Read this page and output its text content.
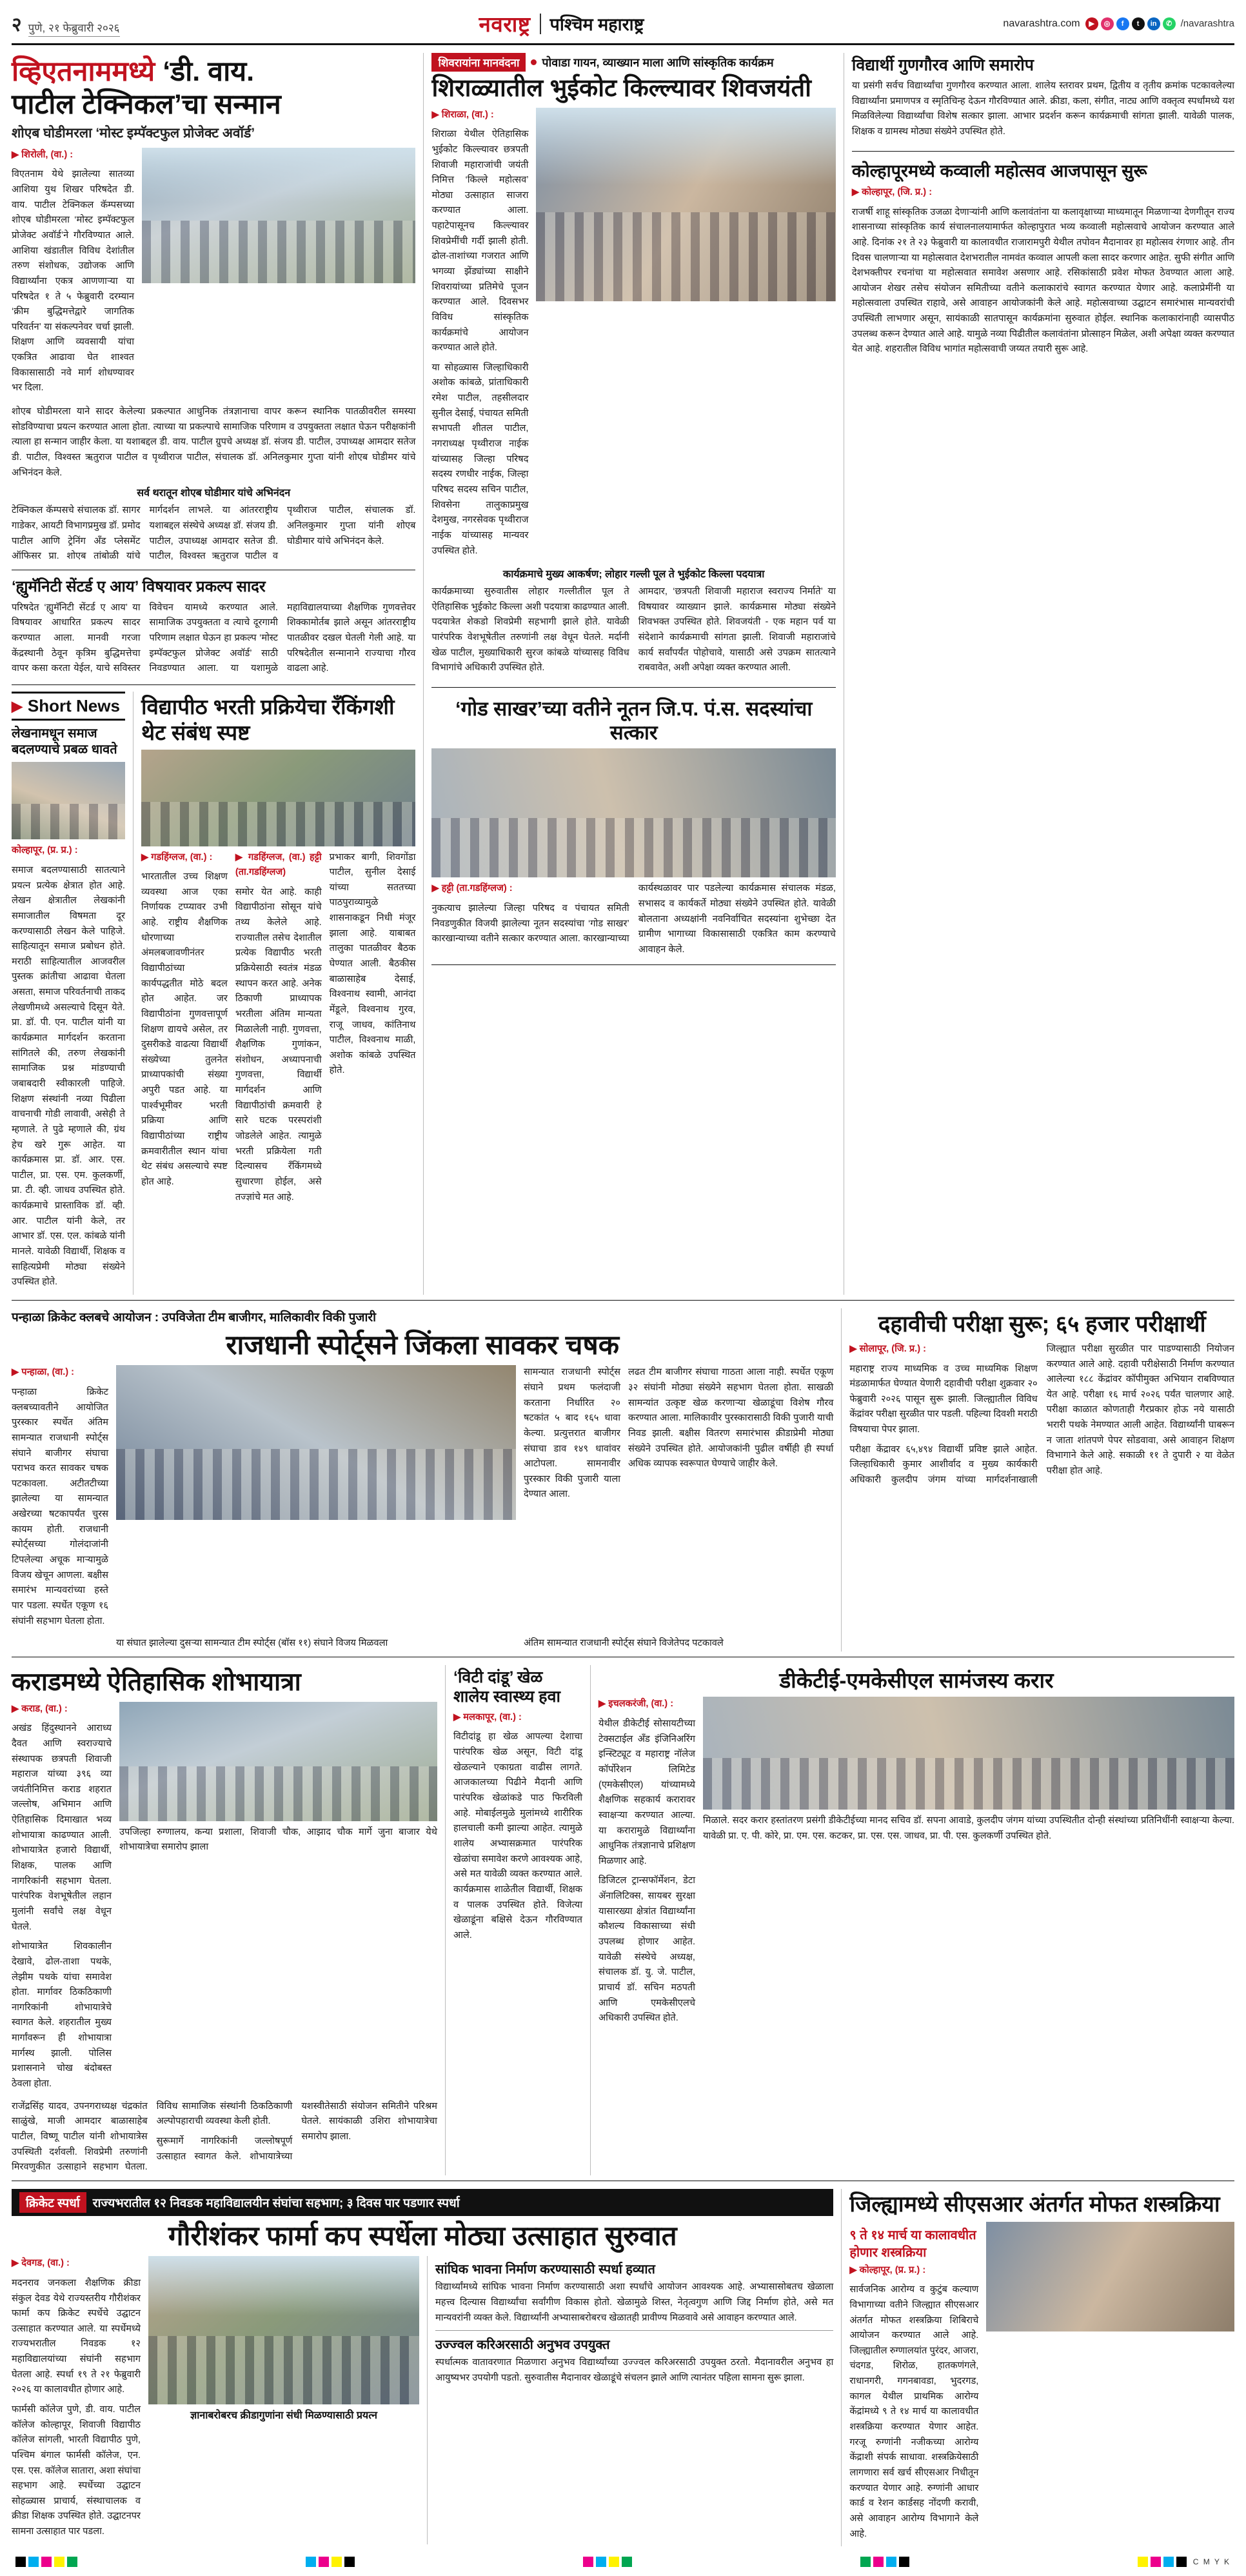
२ पुणे, २१ फेब्रुवारी २०२६	नवराष्ट्र पश्चिम महाराष्ट्र	navarashtra.com	▶	◎	f	t	in	✆ /navarashtra
व्हिएतनाममध्ये ‘डी. वाय.
पाटील टेक्निकल’चा सन्मान
शोएब घोडीमरला ‘मोस्ट इम्पॅक्टफुल प्रोजेक्ट अवॉर्ड’

▶ शिरोली, (वा.) :

विएतनाम येथे झालेल्या सातव्या आशिया युथ शिखर परिषदेत डी. वाय. पाटील टेक्निकल कॅम्पसच्या शोएब घोडीमरला ‘मोस्ट इम्पॅक्टफुल प्रोजेक्ट अवॉर्ड’ने गौरविण्यात आले. आशिया खंडातील विविध देशांतील तरुण संशोधक, उद्योजक आणि विद्यार्थ्यांना एकत्र आणणाऱ्या या परिषदेत १ ते ५ फेब्रुवारी दरम्यान ‘क्रीम बुद्धिमत्तेद्वारे जागतिक परिवर्तन’ या संकल्पनेवर चर्चा झाली. शिक्षण आणि व्यवसायी यांचा एकत्रित आढावा घेत शाश्वत विकासासाठी नवे मार्ग शोधण्यावर भर दिला.

शोएब घोडीमरला याने सादर केलेल्या प्रकल्पात आधुनिक तंत्रज्ञानाचा वापर करून स्थानिक पातळीवरील समस्या सोडविण्याचा प्रयत्न करण्यात आला होता. त्याच्या या प्रकल्पाचे सामाजिक परिणाम व उपयुक्तता लक्षात घेऊन परीक्षकांनी त्याला हा सन्मान जाहीर केला. या यशाबद्दल डी. वाय. पाटील ग्रुपचे अध्यक्ष डॉ. संजय डी. पाटील, उपाध्यक्ष आमदार सतेज डी. पाटील, विश्वस्त ऋतुराज पाटील व पृथ्वीराज पाटील, संचालक डॉ. अनिलकुमार गुप्ता यांनी शोएब घोडीमर यांचे अभिनंदन केले.

सर्व थरातून शोएब घोडीमार यांचे अभिनंदन

टेक्निकल कॅम्पसचे संचालक डॉ. सागर गाडेकर, आयटी विभागप्रमुख डॉ. प्रमोद पाटील आणि ट्रेनिंग अँड प्लेसमेंट ऑफिसर प्रा. शोएब तांबोळी यांचे मार्गदर्शन लाभले. या आंतरराष्ट्रीय यशाबद्दल संस्थेचे अध्यक्ष डॉ. संजय डी. पाटील, उपाध्यक्ष आमदार सतेज डी. पाटील, विश्वस्त ऋतुराज पाटील व पृथ्वीराज पाटील, संचालक डॉ. अनिलकुमार गुप्ता यांनी शोएब घोडीमार यांचे अभिनंदन केले.

‘ह्युमॅनिटी सेंटर्ड ए आय’ विषयावर प्रकल्प सादर

परिषदेत ‘ह्युमॅनिटी सेंटर्ड ए आय’ या विषयावर आधारित प्रकल्प सादर करण्यात आला. मानवी गरजा केंद्रस्थानी ठेवून कृत्रिम बुद्धिमत्तेचा वापर कसा करता येईल, याचे सविस्तर विवेचन यामध्ये करण्यात आले. सामाजिक उपयुक्तता व त्याचे दूरगामी परिणाम लक्षात घेऊन हा प्रकल्प ‘मोस्ट इम्पॅक्टफुल प्रोजेक्ट अवॉर्ड’ साठी निवडण्यात आला. या यशामुळे महाविद्यालयाच्या शैक्षणिक गुणवत्तेवर शिक्कामोर्तब झाले असून आंतरराष्ट्रीय पातळीवर दखल घेतली गेली आहे. या परिषदेतील सन्मानाने राज्याचा गौरव वाढला आहे.

▶ Short News
लेखनामधून समाज बदलण्याचे प्रबळ धावते

कोल्हापूर, (प्र. प्र.) :

समाज बदलण्यासाठी सातत्याने प्रयत्न प्रत्येक क्षेत्रात होत आहे. लेखन क्षेत्रातील लेखकांनी समाजातील विषमता दूर करण्यासाठी लेखन केले पाहिजे. साहित्यातून समाज प्रबोधन होते. मराठी साहित्यातील आजवरील पुस्तक क्रांतीचा आढावा घेतला असता, समाज परिवर्तनाची ताकद लेखणीमध्ये असल्याचे दिसून येते. प्रा. डॉ. पी. एन. पाटील यांनी या कार्यक्रमात मार्गदर्शन करताना सांगितले की, तरुण लेखकांनी सामाजिक प्रश्न मांडण्याची जबाबदारी स्वीकारली पाहिजे. शिक्षण संस्थांनी नव्या पिढीला वाचनाची गोडी लावावी, असेही ते म्हणाले. ते पुढे म्हणाले की, ग्रंथ हेच खरे गुरू आहेत. या कार्यक्रमास प्रा. डॉ. आर. एस. पाटील, प्रा. एस. एम. कुलकर्णी, प्रा. टी. व्ही. जाधव उपस्थित होते. कार्यक्रमाचे प्रास्ताविक डॉ. व्ही. आर. पाटील यांनी केले, तर आभार डॉ. एस. एल. कांबळे यांनी मानले. यावेळी विद्यार्थी, शिक्षक व साहित्यप्रेमी मोठ्या संख्येने उपस्थित होते.

विद्यापीठ भरती प्रक्रियेचा रॅंकिंगशी थेट संबंध स्पष्ट

▶ गडहिंग्लज, (वा.) :

भारतातील उच्च शिक्षण व्यवस्था आज एका निर्णायक टप्प्यावर उभी आहे. राष्ट्रीय शैक्षणिक धोरणाच्या अंमलबजावणीनंतर विद्यापीठांच्या कार्यपद्धतीत मोठे बदल होत आहेत. जर विद्यापीठांना गुणवत्तापूर्ण शिक्षण द्यायचे असेल, तर दुसरीकडे वाढत्या विद्यार्थी संख्येच्या तुलनेत प्राध्यापकांची संख्या अपुरी पडत आहे. या पार्श्वभूमीवर भरती प्रक्रिया आणि विद्यापीठांच्या राष्ट्रीय क्रमवारीतील स्थान यांचा थेट संबंध असल्याचे स्पष्ट होत आहे.

▶ गडहिंग्लज, (वा.) हट्टी (ता.गडहिंग्लज)

समोर येत आहे. काही विद्यापीठांना सोसून यांचे तथ्य केलेले आहे. राज्यातील तसेच देशातील प्रत्येक विद्यापीठ भरती प्रक्रियेसाठी स्वतंत्र मंडळ स्थापन करत आहे. अनेक ठिकाणी प्राध्यापक भरतीला अंतिम मान्यता मिळालेली नाही. गुणवत्ता, शैक्षणिक गुणांकन, संशोधन, अध्यापनाची गुणवत्ता, विद्यार्थी मार्गदर्शन आणि विद्यापीठांची क्रमवारी हे सारे घटक परस्परांशी जोडलेले आहेत. त्यामुळे भरती प्रक्रियेला गती दिल्यासच रॅंकिंगमध्ये सुधारणा होईल, असे तज्ज्ञांचे मत आहे.

प्रभाकर बागी, शिवगोंडा पाटील, सुनील देसाई यांच्या सततच्या पाठपुराव्यामुळे शासनाकडून निधी मंजूर झाला आहे. याबाबत तालुका पातळीवर बैठक घेण्यात आली. बैठकीस बाळासाहेब देसाई, विश्वनाथ स्वामी, आनंदा मेंडूले, विश्वनाथ गुरव, राजू जाधव, कांतिनाथ पाटील, विश्वनाथ माळी, अशोक कांबळे उपस्थित होते.

शिवरायांना मानवंदना	पोवाडा गायन, व्याख्यान माला आणि सांस्कृतिक कार्यक्रम
शिराळ्यातील भुईकोट किल्ल्यावर शिवजयंती

▶ शिराळा, (वा.) :

शिराळा येथील ऐतिहासिक भुईकोट किल्ल्यावर छत्रपती शिवाजी महाराजांची जयंती निमित्त ‘किल्ले महोत्सव’ मोठ्या उत्साहात साजरा करण्यात आला. पहाटेपासूनच किल्ल्यावर शिवप्रेमींची गर्दी झाली होती. ढोल-ताशांच्या गजरात आणि भगव्या झेंड्यांच्या साक्षीने शिवरायांच्या प्रतिमेचे पूजन करण्यात आले. दिवसभर विविध सांस्कृतिक कार्यक्रमांचे आयोजन करण्यात आले होते.

या सोहळ्यास जिल्हाधिकारी अशोक कांबळे, प्रांताधिकारी रमेश पाटील, तहसीलदार सुनील देसाई, पंचायत समिती सभापती शीतल पाटील, नगराध्यक्ष पृथ्वीराज नाईक यांच्यासह जिल्हा परिषद सदस्य रणधीर नाईक, जिल्हा परिषद सदस्य सचिन पाटील, शिवसेना तालुकाप्रमुख देशमुख, नगरसेवक पृथ्वीराज नाईक यांच्यासह मान्यवर उपस्थित होते.

कार्यक्रमाचे मुख्य आकर्षण; लोहार गल्ली पूल ते भुईकोट किल्ला पदयात्रा

कार्यक्रमाच्या सुरुवातीस लोहार गल्लीतील पूल ते ऐतिहासिक भुईकोट किल्ला अशी पदयात्रा काढण्यात आली. पदयात्रेत शेकडो शिवप्रेमी सहभागी झाले होते. यावेळी पारंपरिक वेशभूषेतील तरुणांनी लक्ष वेधून घेतले. मर्दानी खेळ पाटील, मुख्याधिकारी सुरज कांबळे यांच्यासह विविध विभागांचे अधिकारी उपस्थित होते.

आमदार, ‘छत्रपती शिवाजी महाराज स्वराज्य निर्माते’ या विषयावर व्याख्यान झाले. कार्यक्रमास मोठ्या संख्येने शिवभक्त उपस्थित होते. शिवजयंती - एक महान पर्व या संदेशाने कार्यक्रमाची सांगता झाली. शिवाजी महाराजांचे कार्य सर्वांपर्यंत पोहोचावे, यासाठी असे उपक्रम सातत्याने राबवावेत, अशी अपेक्षा व्यक्त करण्यात आली.

‘गोड साखर’च्या वतीने नूतन जि.प. पं.स. सदस्यांचा सत्कार

▶ हट्टी (ता.गडहिंग्लज) :

नुकत्याच झालेल्या जिल्हा परिषद व पंचायत समिती निवडणुकीत विजयी झालेल्या नूतन सदस्यांचा ‘गोड साखर’ कारखान्याच्या वतीने सत्कार करण्यात आला. कारखान्याच्या कार्यस्थळावर पार पडलेल्या कार्यक्रमास संचालक मंडळ, सभासद व कार्यकर्ते मोठ्या संख्येने उपस्थित होते. यावेळी बोलताना अध्यक्षांनी नवनिर्वाचित सदस्यांना शुभेच्छा देत ग्रामीण भागाच्या विकासासाठी एकत्रित काम करण्याचे आवाहन केले.

विद्यार्थी गुणगौरव आणि समारोप

या प्रसंगी सर्वच विद्यार्थ्यांचा गुणगौरव करण्यात आला. शालेय स्तरावर प्रथम, द्वितीय व तृतीय क्रमांक पटकावलेल्या विद्यार्थ्यांना प्रमाणपत्र व स्मृतिचिन्ह देऊन गौरविण्यात आले. क्रीडा, कला, संगीत, नाट्य आणि वक्तृत्व स्पर्धांमध्ये यश मिळविलेल्या विद्यार्थ्यांचा विशेष सत्कार झाला. आभार प्रदर्शन करून कार्यक्रमाची सांगता झाली. यावेळी पालक, शिक्षक व ग्रामस्थ मोठ्या संख्येने उपस्थित होते.

कोल्हापूरमध्ये कव्वाली महोत्सव आजपासून सुरू

▶ कोल्हापूर, (जि. प्र.) :

राजर्षी शाहू सांस्कृतिक उजळा देणाऱ्यांनी आणि कलावंतांना या कलावृक्षाच्या माध्यमातून मिळणाऱ्या देणगीतून राज्य शासनाच्या सांस्कृतिक कार्य संचालनालयामार्फत कोल्हापुरात भव्य कव्वाली महोत्सवाचे आयोजन करण्यात आले आहे. दिनांक २१ ते २३ फेब्रुवारी या कालावधीत राजारामपुरी येथील तपोवन मैदानावर हा महोत्सव रंगणार आहे. तीन दिवस चालणाऱ्या या महोत्सवात देशभरातील नामवंत कव्वाल आपली कला सादर करणार आहेत. सुफी संगीत आणि देशभक्तीपर रचनांचा या महोत्सवात समावेश असणार आहे. रसिकांसाठी प्रवेश मोफत ठेवण्यात आला आहे. आयोजन शेखर तसेच संयोजन समितीच्या वतीने कलाकारांचे स्वागत करण्यात येणार आहे. कलाप्रेमींनी या महोत्सवाला उपस्थित राहावे, असे आवाहन आयोजकांनी केले आहे. महोत्सवाच्या उद्घाटन समारंभास मान्यवरांची उपस्थिती लाभणार असून, सायंकाळी सातपासून कार्यक्रमांना सुरुवात होईल. स्थानिक कलाकारांनाही व्यासपीठ उपलब्ध करून देण्यात आले आहे. यामुळे नव्या पिढीतील कलावंतांना प्रोत्साहन मिळेल, अशी अपेक्षा व्यक्त करण्यात येत आहे. शहरातील विविध भागांत महोत्सवाची जय्यत तयारी सुरू आहे.

पन्हाळा क्रिकेट क्लबचे आयोजन : उपविजेता टीम बाजीगर, मालिकावीर विकी पुजारी
राजधानी स्पोर्ट्सने जिंकला सावकर चषक

▶ पन्हाळा, (वा.) :

पन्हाळा क्रिकेट क्लबच्यावतीने आयोजित पुरस्कार स्पर्धेत अंतिम सामन्यात राजधानी स्पोर्ट्स संघाने बाजीगर संघाचा पराभव करत सावकर चषक पटकावला. अटीतटीच्या झालेल्या या सामन्यात अखेरच्या षटकापर्यंत चुरस कायम होती. राजधानी स्पोर्ट्सच्या गोलंदाजांनी टिपलेल्या अचूक माऱ्यामुळे विजय खेचून आणला. बक्षीस समारंभ मान्यवरांच्या हस्ते पार पडला. स्पर्धेत एकूण १६ संघांनी सहभाग घेतला होता.

सामन्यात राजधानी स्पोर्ट्स संघाने प्रथम फलंदाजी करताना निर्धारित २० षटकांत ५ बाद १६५ धावा केल्या. प्रत्युत्तरात बाजीगर संघाचा डाव १४९ धावांवर आटोपला. सामनावीर पुरस्कार विकी पुजारी याला देण्यात आला.

लढत टीम बाजीगर संघाचा गाठता आला नाही. स्पर्धेत एकूण ३२ संघांनी मोठ्या संख्येने सहभाग घेतला होता. साखळी सामन्यांत उत्कृष्ट खेळ करणाऱ्या खेळाडूंचा विशेष गौरव करण्यात आला. मालिकावीर पुरस्कारासाठी विकी पुजारी याची निवड झाली. बक्षीस वितरण समारंभास क्रीडाप्रेमी मोठ्या संख्येने उपस्थित होते. आयोजकांनी पुढील वर्षीही ही स्पर्धा अधिक व्यापक स्वरूपात घेण्याचे जाहीर केले.

या संघात झालेल्या दुसऱ्या सामन्यात टीम स्पोर्ट्स (बॉस ११) संघाने विजय मिळवला	अंतिम सामन्यात राजधानी स्पोर्ट्स संघाने विजेतेपद पटकावले
दहावीची परीक्षा सुरू; ६५ हजार परीक्षार्थी

▶ सोलापूर, (जि. प्र.) :

महाराष्ट्र राज्य माध्यमिक व उच्च माध्यमिक शिक्षण मंडळामार्फत घेण्यात येणारी दहावीची परीक्षा शुक्रवार २० फेब्रुवारी २०२६ पासून सुरू झाली. जिल्ह्यातील विविध केंद्रांवर परीक्षा सुरळीत पार पडली. पहिल्या दिवशी मराठी विषयाचा पेपर झाला.

परीक्षा केंद्रावर ६५,४९४ विद्यार्थी प्रविष्ट झाले आहेत. जिल्हाधिकारी कुमार आशीर्वाद व मुख्य कार्यकारी अधिकारी कुलदीप जंगम यांच्या मार्गदर्शनाखाली जिल्ह्यात परीक्षा सुरळीत पार पाडण्यासाठी नियोजन करण्यात आले आहे. दहावी परीक्षेसाठी निर्माण करण्यात आलेल्या १८८ केंद्रांवर कॉपीमुक्त अभियान राबविण्यात येत आहे. परीक्षा १६ मार्च २०२६ पर्यंत चालणार आहे. परीक्षा काळात कोणताही गैरप्रकार होऊ नये यासाठी भरारी पथके नेमण्यात आली आहेत. विद्यार्थ्यांनी घाबरून न जाता शांतपणे पेपर सोडवावा, असे आवाहन शिक्षण विभागाने केले आहे. सकाळी ११ ते दुपारी २ या वेळेत परीक्षा होत आहे.

कराडमध्ये ऐतिहासिक शोभायात्रा

▶ कराड, (वा.) :

अखंड हिंदुस्थानने आराध्य दैवत आणि स्वराज्याचे संस्थापक छत्रपती शिवाजी महाराज यांच्या ३९६ व्या जयंतीनिमित्त कराड शहरात जल्लोष, अभिमान आणि ऐतिहासिक दिमाखात भव्य शोभायात्रा काढण्यात आली. शोभायात्रेत हजारो विद्यार्थी, शिक्षक, पालक आणि नागरिकांनी सहभाग घेतला. पारंपरिक वेशभूषेतील लहान मुलांनी सर्वांचे लक्ष वेधून घेतले.

शोभायात्रेत शिवकालीन देखावे, ढोल-ताशा पथके, लेझीम पथके यांचा समावेश होता. मार्गावर ठिकठिकाणी नागरिकांनी शोभायात्रेचे स्वागत केले. शहरातील मुख्य मार्गांवरून ही शोभायात्रा मार्गस्थ झाली. पोलिस प्रशासनाने चोख बंदोबस्त ठेवला होता.

उपजिल्हा रुग्णालय, कन्या प्रशाला, शिवाजी चौक, आझाद चौक मार्गे जुना बाजार येथे शोभायात्रेचा समारोप झाला

राजेंद्रसिंह यादव, उपनगराध्यक्ष चंद्रकांत साळुंखे, माजी आमदार बाळासाहेब पाटील, विष्णू पाटील यांनी शोभायात्रेस उपस्थिती दर्शवली. शिवप्रेमी तरुणांनी मिरवणुकीत उत्साहाने सहभाग घेतला. विविध सामाजिक संस्थांनी ठिकठिकाणी अल्पोपहाराची व्यवस्था केली होती.

सुरूमार्गे नागरिकांनी जल्लोषपूर्ण उत्साहात स्वागत केले. शोभायात्रेच्या यशस्वीतेसाठी संयोजन समितीने परिश्रम घेतले. सायंकाळी उशिरा शोभायात्रेचा समारोप झाला.

‘विटी दांडू’ खेळ शालेय स्वास्थ्य हवा

▶ मलकापूर, (वा.) :

विटीदांडू हा खेळ आपल्या देशाचा पारंपरिक खेळ असून, विटी दांडू खेळल्याने एकाग्रता वाढीस लागते. आजकालच्या पिढीने मैदानी आणि पारंपरिक खेळांकडे पाठ फिरविली आहे. मोबाईलमुळे मुलांमध्ये शारीरिक हालचाली कमी झाल्या आहेत. त्यामुळे शालेय अभ्यासक्रमात पारंपरिक खेळांचा समावेश करणे आवश्यक आहे, असे मत यावेळी व्यक्त करण्यात आले. कार्यक्रमास शाळेतील विद्यार्थी, शिक्षक व पालक उपस्थित होते. विजेत्या खेळाडूंना बक्षिसे देऊन गौरविण्यात आले.

डीकेटीई-एमकेसीएल सामंजस्य करार

▶ इचलकरंजी, (वा.) :

येथील डीकेटीई सोसायटीच्या टेक्सटाईल अँड इंजिनिअरिंग इन्स्टिट्यूट व महाराष्ट्र नॉलेज कॉर्पोरेशन लिमिटेड (एमकेसीएल) यांच्यामध्ये शैक्षणिक सहकार्य करारावर स्वाक्षऱ्या करण्यात आल्या. या करारामुळे विद्यार्थ्यांना आधुनिक तंत्रज्ञानाचे प्रशिक्षण मिळणार आहे.

डिजिटल ट्रान्सफॉर्मेशन, डेटा ॲनालिटिक्स, सायबर सुरक्षा यासारख्या क्षेत्रांत विद्यार्थ्यांना कौशल्य विकासाच्या संधी उपलब्ध होणार आहेत. यावेळी संस्थेचे अध्यक्ष, संचालक डॉ. यु. जे. पाटील, प्राचार्य डॉ. सचिन मठपती आणि एमकेसीएलचे अधिकारी उपस्थित होते.

मिळाले. सदर करार हस्तांतरण प्रसंगी डीकेटीईच्या मानद सचिव डॉ. सपना आवाडे, कुलदीप जंगम यांच्या उपस्थितीत दोन्ही संस्थांच्या प्रतिनिधींनी स्वाक्षऱ्या केल्या. यावेळी प्रा. ए. पी. कोरे, प्रा. एम. एस. कटकर, प्रा. एस. एस. जाधव, प्रा. पी. एस. कुलकर्णी उपस्थित होते.
क्रिकेट स्पर्धा	राज्यभरातील १२ निवडक महाविद्यालयीन संघांचा सहभाग; ३ दिवस पार पडणार स्पर्धा
गौरीशंकर फार्मा कप स्पर्धेला मोठ्या उत्साहात सुरुवात

▶ देवगड, (वा.) :

मदनराव जनकला शैक्षणिक क्रीडा संकुल देवड येथे राज्यस्तरीय गौरीशंकर फार्मा कप क्रिकेट स्पर्धेचे उद्घाटन उत्साहात करण्यात आले. या स्पर्धेमध्ये राज्यभरातील निवडक १२ महाविद्यालयांच्या संघांनी सहभाग घेतला आहे. स्पर्धा १९ ते २१ फेब्रुवारी २०२६ या कालावधीत होणार आहे.

फार्मसी कॉलेज पुणे, डी. वाय. पाटील कॉलेज कोल्हापूर, शिवाजी विद्यापीठ कॉलेज सांगली, भारती विद्यापीठ पुणे, पश्चिम बंगाल फार्मसी कॉलेज, एन. एस. एस. कॉलेज सातारा, अशा संघांचा सहभाग आहे. स्पर्धेच्या उद्घाटन सोहळ्यास प्राचार्य, संस्थाचालक व क्रीडा शिक्षक उपस्थित होते. उद्घाटनपर सामना उत्साहात पार पडला.

ज्ञानाबरोबरच क्रीडागुणांना संधी मिळण्यासाठी प्रयत्न
सांघिक भावना निर्माण करण्यासाठी स्पर्धा हव्यात
विद्यार्थ्यांमध्ये सांघिक भावना निर्माण करण्यासाठी अशा स्पर्धांचे आयोजन आवश्यक आहे. अभ्यासासोबतच खेळाला महत्त्व दिल्यास विद्यार्थ्यांचा सर्वांगीण विकास होतो. खेळामुळे शिस्त, नेतृत्वगुण आणि जिद्द निर्माण होते, असे मत मान्यवरांनी व्यक्त केले. विद्यार्थ्यांनी अभ्यासाबरोबरच खेळातही प्रावीण्य मिळवावे असे आवाहन करण्यात आले.
उज्ज्वल करिअरसाठी अनुभव उपयुक्त
स्पर्धात्मक वातावरणात मिळणारा अनुभव विद्यार्थ्यांच्या उज्ज्वल करिअरसाठी उपयुक्त ठरतो. मैदानावरील अनुभव हा आयुष्यभर उपयोगी पडतो. सुरुवातीस मैदानावर खेळाडूंचे संचलन झाले आणि त्यानंतर पहिला सामना सुरू झाला.
जिल्ह्यामध्ये सीएसआर अंतर्गत मोफत शस्त्रक्रिया
९ ते १४ मार्च या कालावधीत होणार शस्त्रक्रिया

▶ कोल्हापूर, (प्र. प्र.) :

सार्वजनिक आरोग्य व कुटुंब कल्याण विभागाच्या वतीने जिल्ह्यात सीएसआर अंतर्गत मोफत शस्त्रक्रिया शिबिराचे आयोजन करण्यात आले आहे. जिल्ह्यातील रुग्णालयांत पुरंदर, आजरा, चंदगड, शिरोळ, हातकणंगले, राधानगरी, गगनबावडा, भुदरगड, कागल येथील प्राथमिक आरोग्य केंद्रांमध्ये ९ ते १४ मार्च या कालावधीत शस्त्रक्रिया करण्यात येणार आहेत. गरजू रुग्णांनी नजीकच्या आरोग्य केंद्राशी संपर्क साधावा. शस्त्रक्रियेसाठी लागणारा सर्व खर्च सीएसआर निधीतून करण्यात येणार आहे. रुग्णांनी आधार कार्ड व रेशन कार्डसह नोंदणी करावी, असे आवाहन आरोग्य विभागाने केले आहे.

C M Y K
